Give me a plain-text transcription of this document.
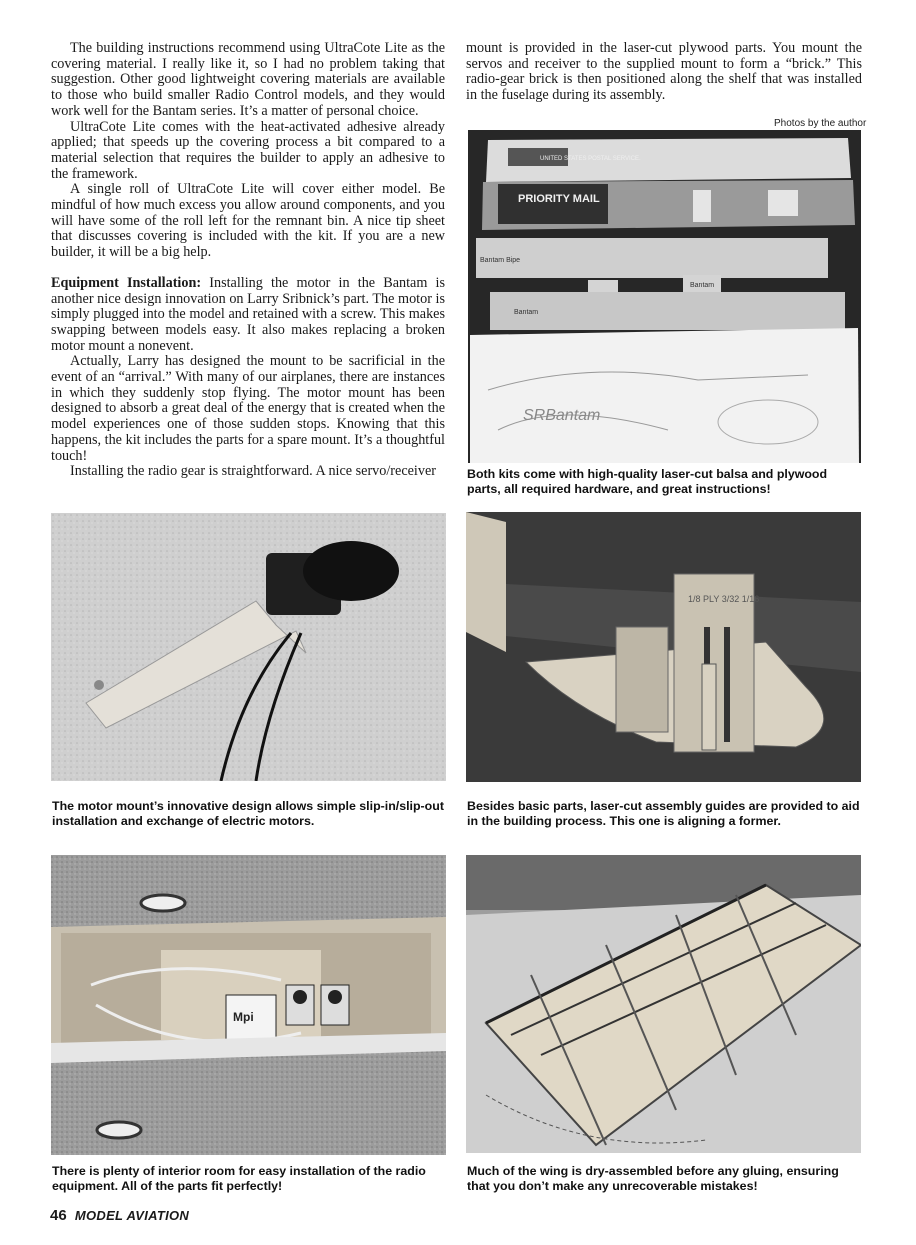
The building instructions recommend using UltraCote Lite as the covering material. I really like it, so I had no problem taking that suggestion. Other good lightweight covering materials are available to those who build smaller Radio Control models, and they would work well for the Bantam series. It’s a matter of personal choice.

UltraCote Lite comes with the heat-activated adhesive already applied; that speeds up the covering process a bit compared to a material selection that requires the builder to apply an adhesive to the framework.

A single roll of UltraCote Lite will cover either model. Be mindful of how much excess you allow around components, and you will have some of the roll left for the remnant bin. A nice tip sheet that discusses covering is included with the kit. If you are a new builder, it will be a big help.

Equipment Installation: Installing the motor in the Bantam is another nice design innovation on Larry Sribnick’s part. The motor is simply plugged into the model and retained with a screw. This makes swapping between models easy. It also makes replacing a broken motor mount a nonevent.

Actually, Larry has designed the mount to be sacrificial in the event of an “arrival.” With many of our airplanes, there are instances in which they suddenly stop flying. The motor mount has been designed to absorb a great deal of the energy that is created when the model experiences one of those sudden stops. Knowing that this happens, the kit includes the parts for a spare mount. It’s a thoughtful touch!

Installing the radio gear is straightforward. A nice servo/receiver

mount is provided in the laser-cut plywood parts. You mount the servos and receiver to the supplied mount to form a “brick.” This radio-gear brick is then positioned along the shelf that was installed in the fuselage during its assembly.

Photos by the author
UNITED STATES POSTAL SERVICE.
PRIORITY MAIL
Bantam Bipe
Bantam
Bantam
SRBantam
Both kits come with high-quality laser-cut balsa and plywood parts, all required hardware, and great instructions!
The motor mount’s innovative design allows simple slip-in/slip-out installation and exchange of electric motors.
1/8 PLY 3/32 1/16
Besides basic parts, laser-cut assembly guides are provided to aid in the building process. This one is aligning a former.
Mpi
There is plenty of interior room for easy installation of the radio equipment. All of the parts fit perfectly!
Much of the wing is dry-assembled before any gluing, ensuring that you don’t make any unrecoverable mistakes!
46 MODEL AVIATION
